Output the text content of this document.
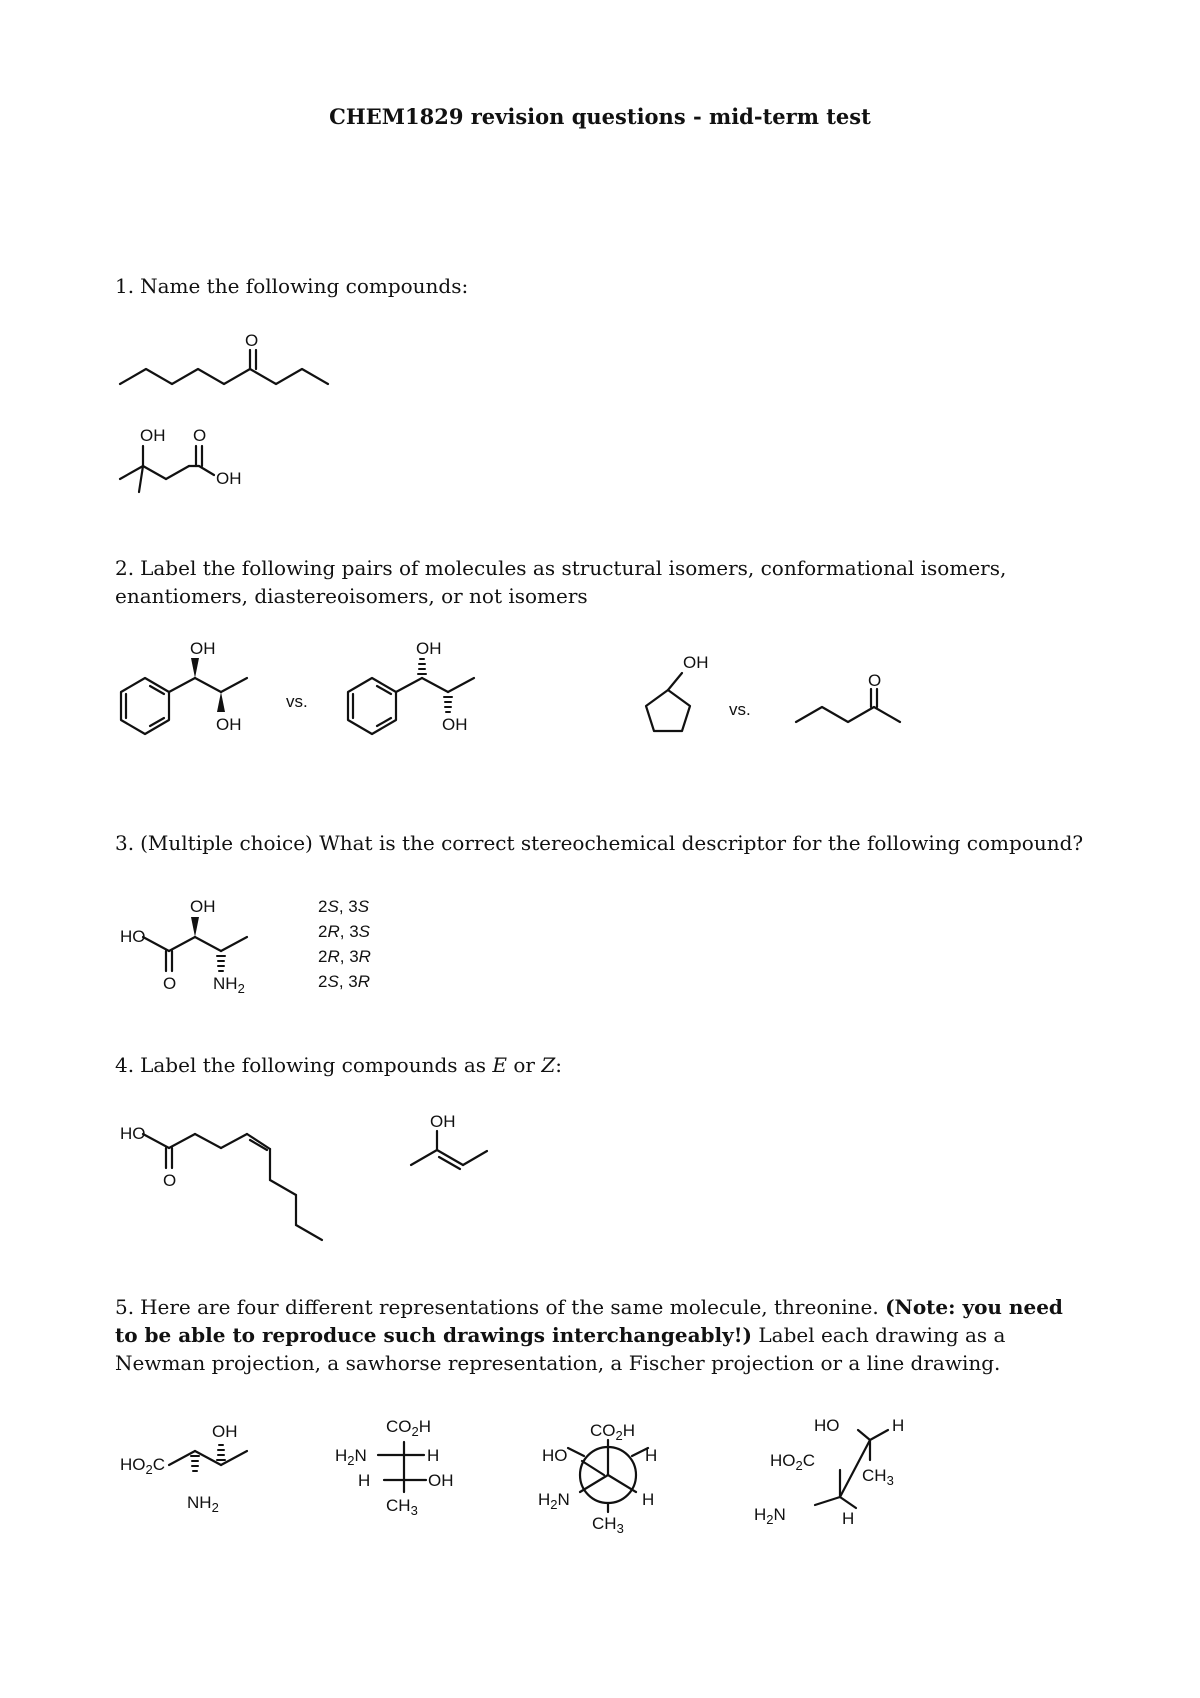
CHEM1829 revision questions - mid-term test
1. Name the following compounds:
O
OH O
OH
2. Label the following pairs of molecules as structural isomers, conformational isomers, enantiomers, diastereoisomers, or not isomers
OH
OH
vs.
OH
OH
OH
vs.
O
3. (Multiple choice) What is the correct stereochemical descriptor for the following compound?
OH
HO
O $NH_2$
2S, 3S
2R, 3S
2R, 3R
2S, 3R
4. Label the following compounds as E or Z:
HO
O
OH
5. Here are four different representations of the same molecule, threonine. (Note: you need to be able to reproduce such drawings interchangeably!) Label each drawing as a Newman projection, a sawhorse representation, a Fischer projection or a line drawing.
OH
$HO_2C$
$NH_2$
$CO_2H$
$H_2N$	H
H	OH
$CH_3$
$CO_2H$
HO	H
$H_2N$	H
$CH_3$
HO	H
$HO_2C$
$CH_3$
$H_2N$	H
